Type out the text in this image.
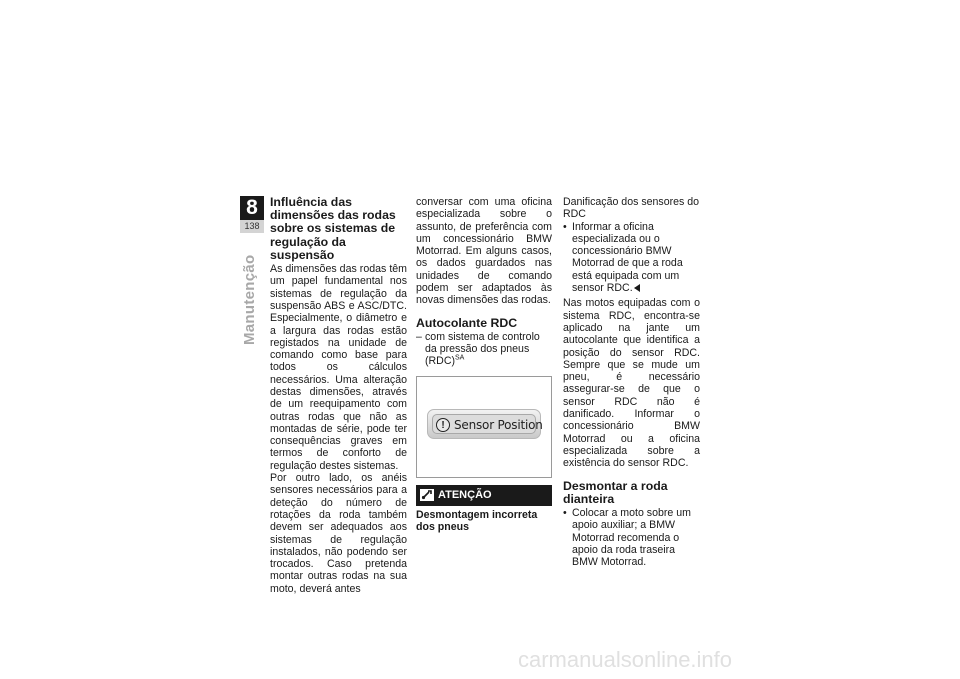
8
138
Manutenção
Influência das dimensões das rodas sobre os sistemas de regulação da suspensão

As dimensões das rodas têm um papel fundamental nos sistemas de regulação da suspensão ABS e ASC/DTC. Especialmente, o diâmetro e a largura das rodas estão registados na unidade de comando como base para todos os cálculos necessários. Uma alteração destas dimensões, através de um reequipamento com outras rodas que não as montadas de série, pode ter consequências graves em termos de conforto de regulação destes sistemas.

Por outro lado, os anéis sensores necessários para a deteção do número de rotações da roda também devem ser adequados aos sistemas de regulação instalados, não podendo ser trocados. Caso pretenda montar outras rodas na sua moto, deverá antes

conversar com uma oficina especializada sobre o assunto, de preferência com um concessionário BMW Motorrad. Em alguns casos, os dados guardados nas unidades de comando podem ser adaptados às novas dimensões das rodas.

Autocolante RDC
– com sistema de controlo da pressão dos pneus (RDC)$^{SA}$
! Sensor Position
ATENÇÃO
Desmontagem incorreta dos pneus

Danificação dos sensores do RDC

• Informar a oficina especializada ou o concessionário BMW Motorrad de que a roda está equipada com um sensor RDC.

Nas motos equipadas com o sistema RDC, encontra-se aplicado na jante um autocolante que identifica a posição do sensor RDC. Sempre que se mude um pneu, é necessário assegurar-se de que o sensor RDC não é danificado. Informar o concessionário BMW Motorrad ou a oficina especializada sobre a existência do sensor RDC.

Desmontar a roda dianteira
• Colocar a moto sobre um apoio auxiliar; a BMW Motorrad recomenda o apoio da roda traseira BMW Motorrad.
carmanualsonline.info
